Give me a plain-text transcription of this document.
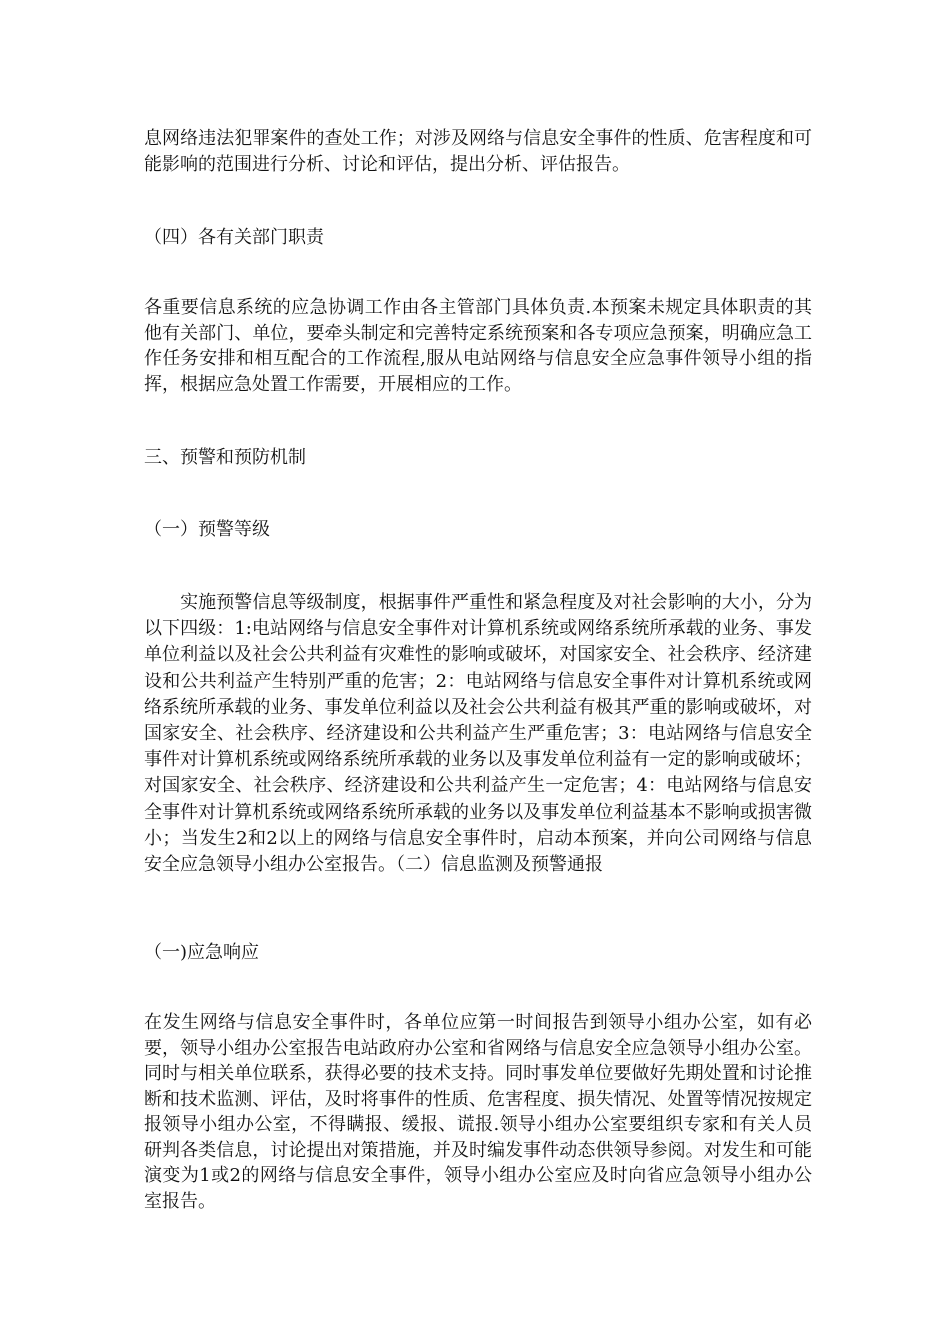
息网络违法犯罪案件的查处工作；对涉及网络与信息安全事件的性质、危害程度和可能影响的范围进行分析、讨论和评估，提出分析、评估报告。

（四）各有关部门职责

各重要信息系统的应急协调工作由各主管部门具体负责.本预案未规定具体职责的其他有关部门、单位，要牵头制定和完善特定系统预案和各专项应急预案，明确应急工作任务安排和相互配合的工作流程,服从电站网络与信息安全应急事件领导小组的指挥，根据应急处置工作需要，开展相应的工作。

三、预警和预防机制

（一）预警等级

　　实施预警信息等级制度，根据事件严重性和紧急程度及对社会影响的大小，分为以下四级：1:电站网络与信息安全事件对计算机系统或网络系统所承载的业务、事发单位利益以及社会公共利益有灾难性的影响或破坏，对国家安全、社会秩序、经济建设和公共利益产生特别严重的危害；2：电站网络与信息安全事件对计算机系统或网络系统所承载的业务、事发单位利益以及社会公共利益有极其严重的影响或破坏，对国家安全、社会秩序、经济建设和公共利益产生严重危害；3：电站网络与信息安全事件对计算机系统或网络系统所承载的业务以及事发单位利益有一定的影响或破坏；对国家安全、社会秩序、经济建设和公共利益产生一定危害；4：电站网络与信息安全事件对计算机系统或网络系统所承载的业务以及事发单位利益基本不影响或损害微小；当发生2和2以上的网络与信息安全事件时，启动本预案，并向公司网络与信息安全应急领导小组办公室报告。（二）信息监测及预警通报

（一)应急响应

在发生网络与信息安全事件时，各单位应第一时间报告到领导小组办公室，如有必要，领导小组办公室报告电站政府办公室和省网络与信息安全应急领导小组办公室。同时与相关单位联系，获得必要的技术支持。同时事发单位要做好先期处置和讨论推断和技术监测、评估，及时将事件的性质、危害程度、损失情况、处置等情况按规定报领导小组办公室，不得瞒报、缓报、谎报.领导小组办公室要组织专家和有关人员研判各类信息，讨论提出对策措施，并及时编发事件动态供领导参阅。对发生和可能演变为1或2的网络与信息安全事件，领导小组办公室应及时向省应急领导小组办公室报告。
